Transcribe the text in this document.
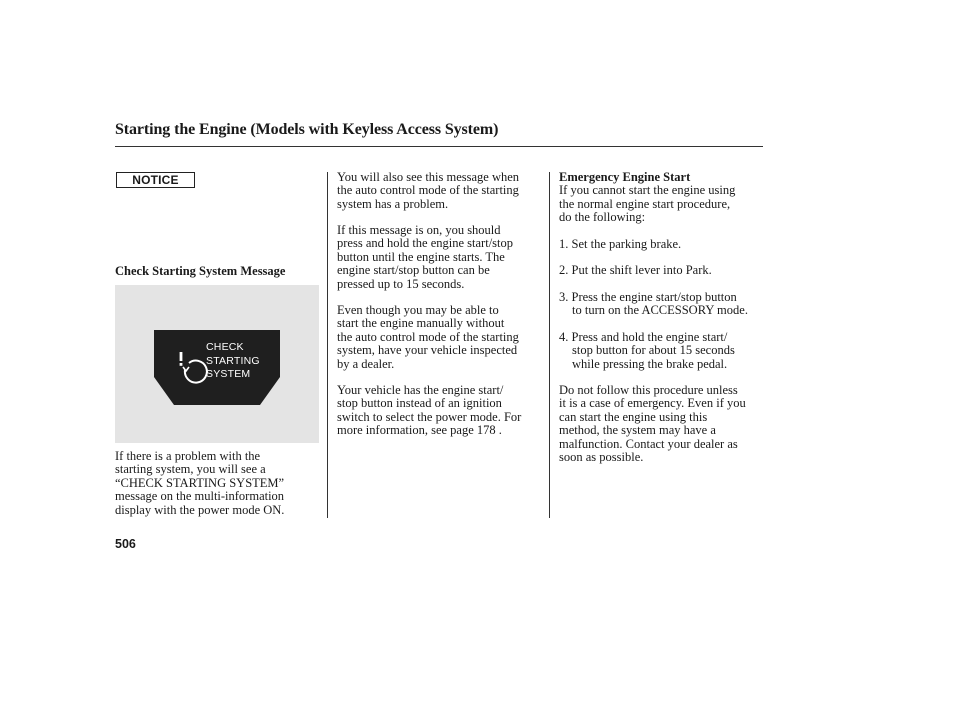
Starting the Engine (Models with Keyless Access System)
NOTICE
Check Starting System Message
CHECK
STARTING
SYSTEM
If there is a problem with the
starting system, you will see a
“CHECK STARTING SYSTEM”
message on the multi-information
display with the power mode ON.
You will also see this message when
the auto control mode of the starting
system has a problem.
If this message is on, you should
press and hold the engine start/stop
button until the engine starts. The
engine start/stop button can be
pressed up to 15 seconds.
Even though you may be able to
start the engine manually without
the auto control mode of the starting
system, have your vehicle inspected
by a dealer.
Your vehicle has the engine start/
stop button instead of an ignition
switch to select the power mode. For
more information, see page 178 .
Emergency Engine Start
If you cannot start the engine using
the normal engine start procedure,
do the following:
1. Set the parking brake.
2. Put the shift lever into Park.
3. Press the engine start/stop button
to turn on the ACCESSORY mode.
4. Press and hold the engine start/
stop button for about 15 seconds
while pressing the brake pedal.
Do not follow this procedure unless
it is a case of emergency. Even if you
can start the engine using this
method, the system may have a
malfunction. Contact your dealer as
soon as possible.
506
